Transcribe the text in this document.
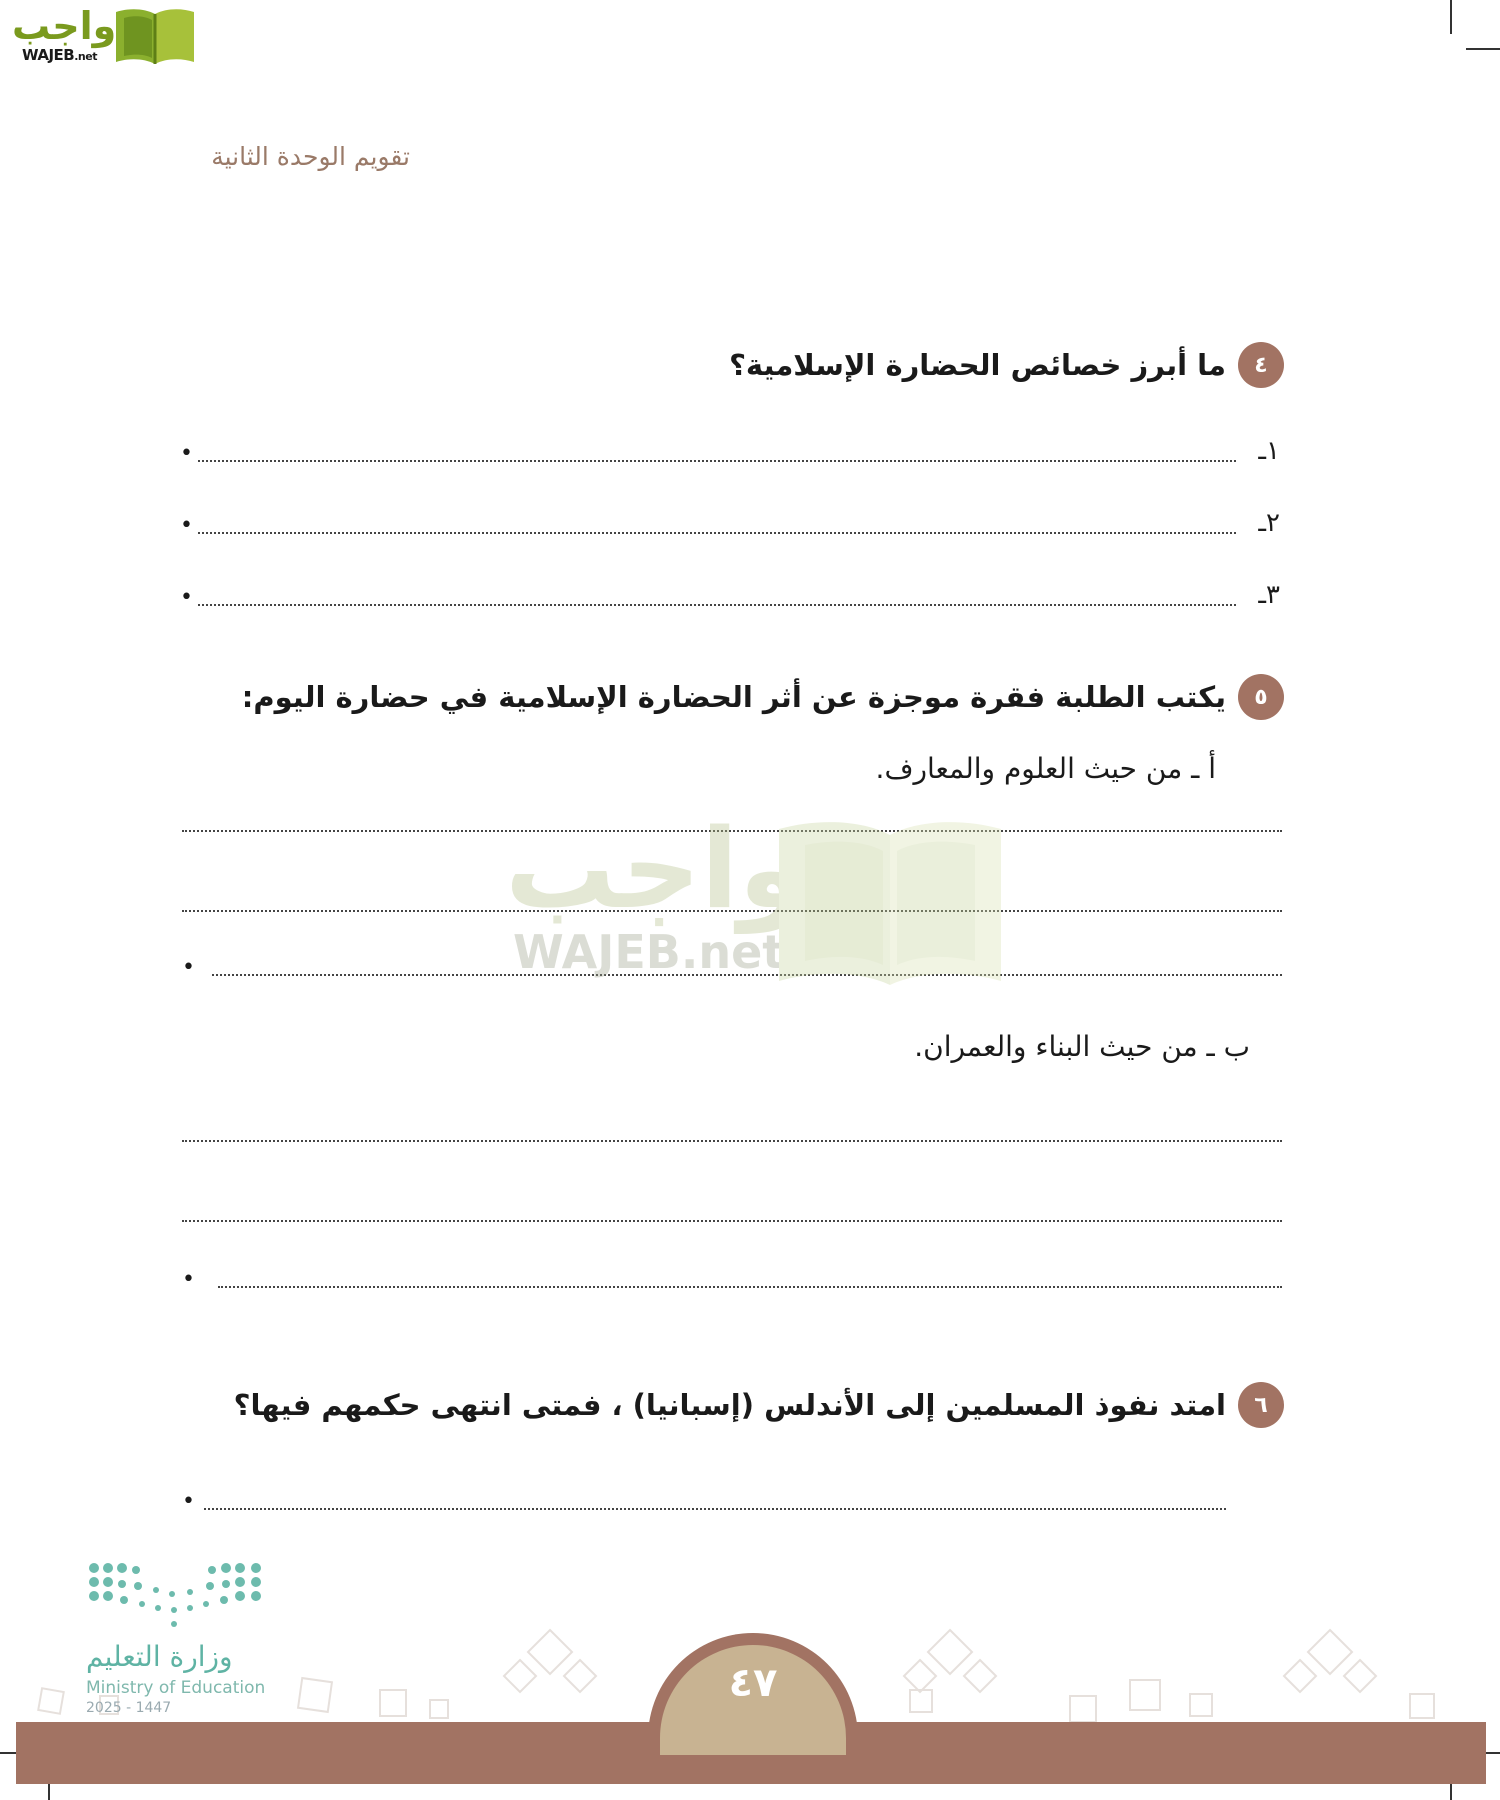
واجب
WAJEB.net
تقويم الوحدة الثانية
٤
ما أبرز خصائص الحضارة الإسلامية؟
•	١ـ
•	٢ـ
•	٣ـ
٥
يكتب الطلبة فقرة موجزة عن أثر الحضارة الإسلامية في حضارة اليوم:
أ ـ من حيث العلوم والمعارف.
•
ب ـ من حيث البناء والعمران.
•
٦
امتد نفوذ المسلمين إلى الأندلس (إسبانيا) ، فمتى انتهى حكمهم فيها؟
•
واجب
WAJEB.net
وزارة التعليم
Ministry of Education
2025 - 1447
٤٧
